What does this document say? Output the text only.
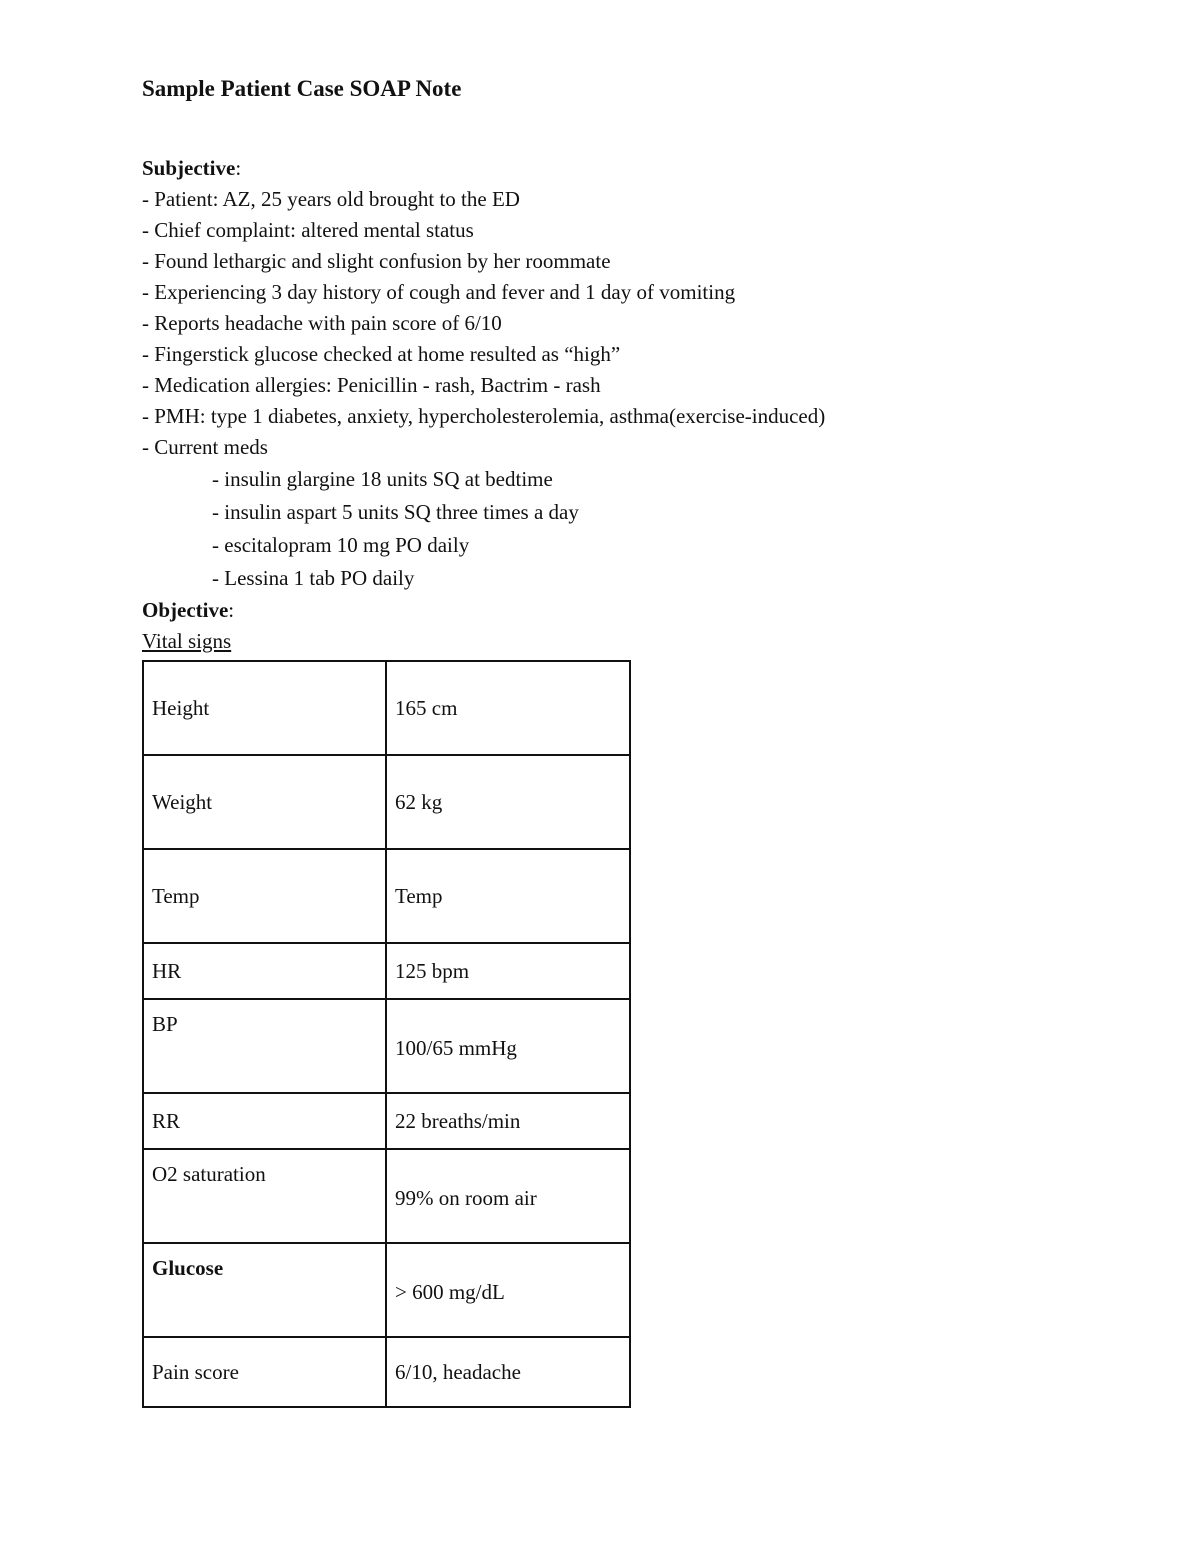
Sample Patient Case SOAP Note
Subjective:
- Patient: AZ, 25 years old brought to the ED
- Chief complaint: altered mental status
- Found lethargic and slight confusion by her roommate
- Experiencing 3 day history of cough and fever and 1 day of vomiting
- Reports headache with pain score of 6/10
- Fingerstick glucose checked at home resulted as “high”
- Medication allergies: Penicillin - rash, Bactrim - rash
- PMH: type 1 diabetes, anxiety, hypercholesterolemia, asthma(exercise-induced)
- Current meds
- insulin glargine 18 units SQ at bedtime
- insulin aspart 5 units SQ three times a day
- escitalopram 10 mg PO daily
- Lessina 1 tab PO daily
Objective:
Vital signs
Height	165 cm
Weight	62 kg
Temp	Temp
HR	125 bpm

BP	100/65 mmHg

RR	22 breaths/min

O2 saturation	99% on room air

Glucose	> 600 mg/dL

Pain score	6/10, headache
